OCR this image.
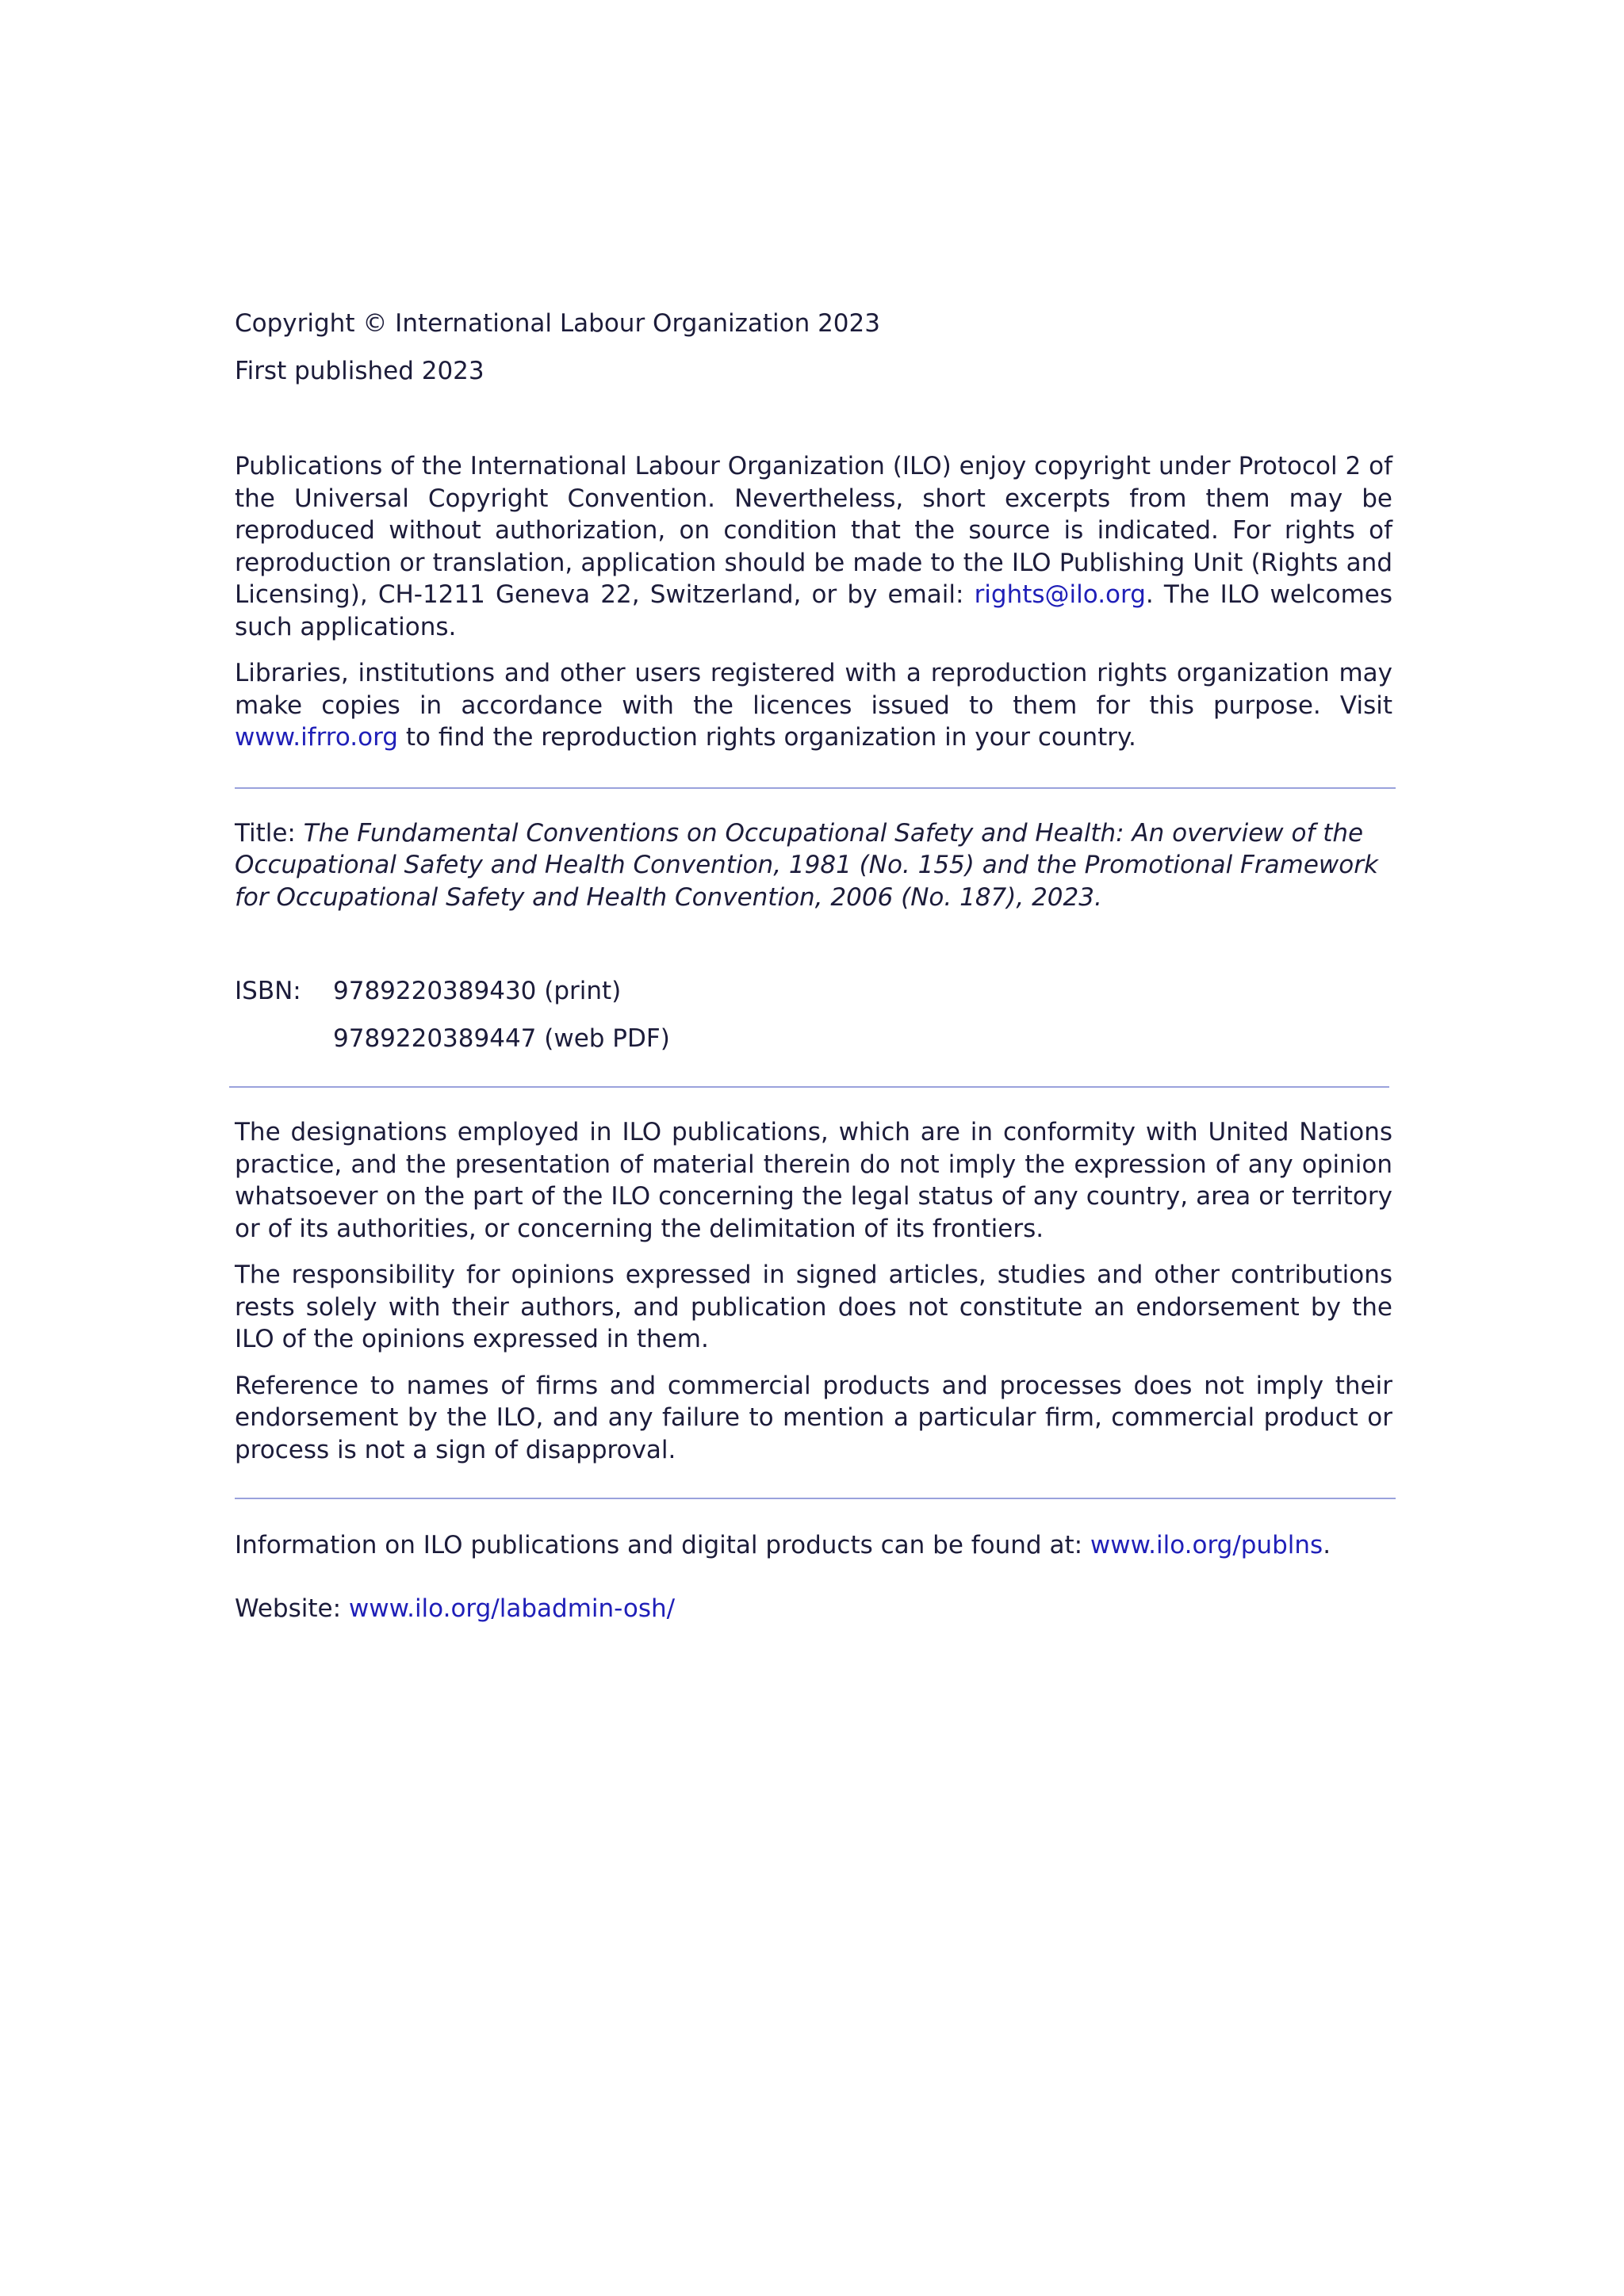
Copyright © International Labour Organization 2023
First published 2023

Publications of the International Labour Organization (ILO) enjoy copyright under Protocol 2 of the Universal Copyright Convention. Nevertheless, short excerpts from them may be reproduced without authorization, on condition that the source is indicated. For rights of reproduction or translation, application should be made to the ILO Publishing Unit (Rights and Licensing), CH-1211 Geneva 22, Switzerland, or by email: rights@ilo.org. The ILO welcomes such applications.

Libraries, institutions and other users registered with a reproduction rights organization may make copies in accordance with the licences issued to them for this purpose. Visit www.ifrro.org to find the reproduction rights organization in your country.

Title: The Fundamental Conventions on Occupational Safety and Health: An overview of the Occupational Safety and Health Convention, 1981 (No. 155) and the Promotional Framework for Occupational Safety and Health Convention, 2006 (No. 187), 2023.

ISBN:	9789220389430 (print)
9789220389447 (web PDF)

The designations employed in ILO publications, which are in conformity with United Nations practice, and the presentation of material therein do not imply the expression of any opinion whatsoever on the part of the ILO concerning the legal status of any country, area or territory or of its authorities, or concerning the delimitation of its frontiers.

The responsibility for opinions expressed in signed articles, studies and other contributions rests solely with their authors, and publication does not constitute an endorsement by the ILO of the opinions expressed in them.

Reference to names of firms and commercial products and processes does not imply their endorsement by the ILO, and any failure to mention a particular firm, commercial product or process is not a sign of disapproval.

Information on ILO publications and digital products can be found at: www.ilo.org/publns.
Website: www.ilo.org/labadmin-osh/
